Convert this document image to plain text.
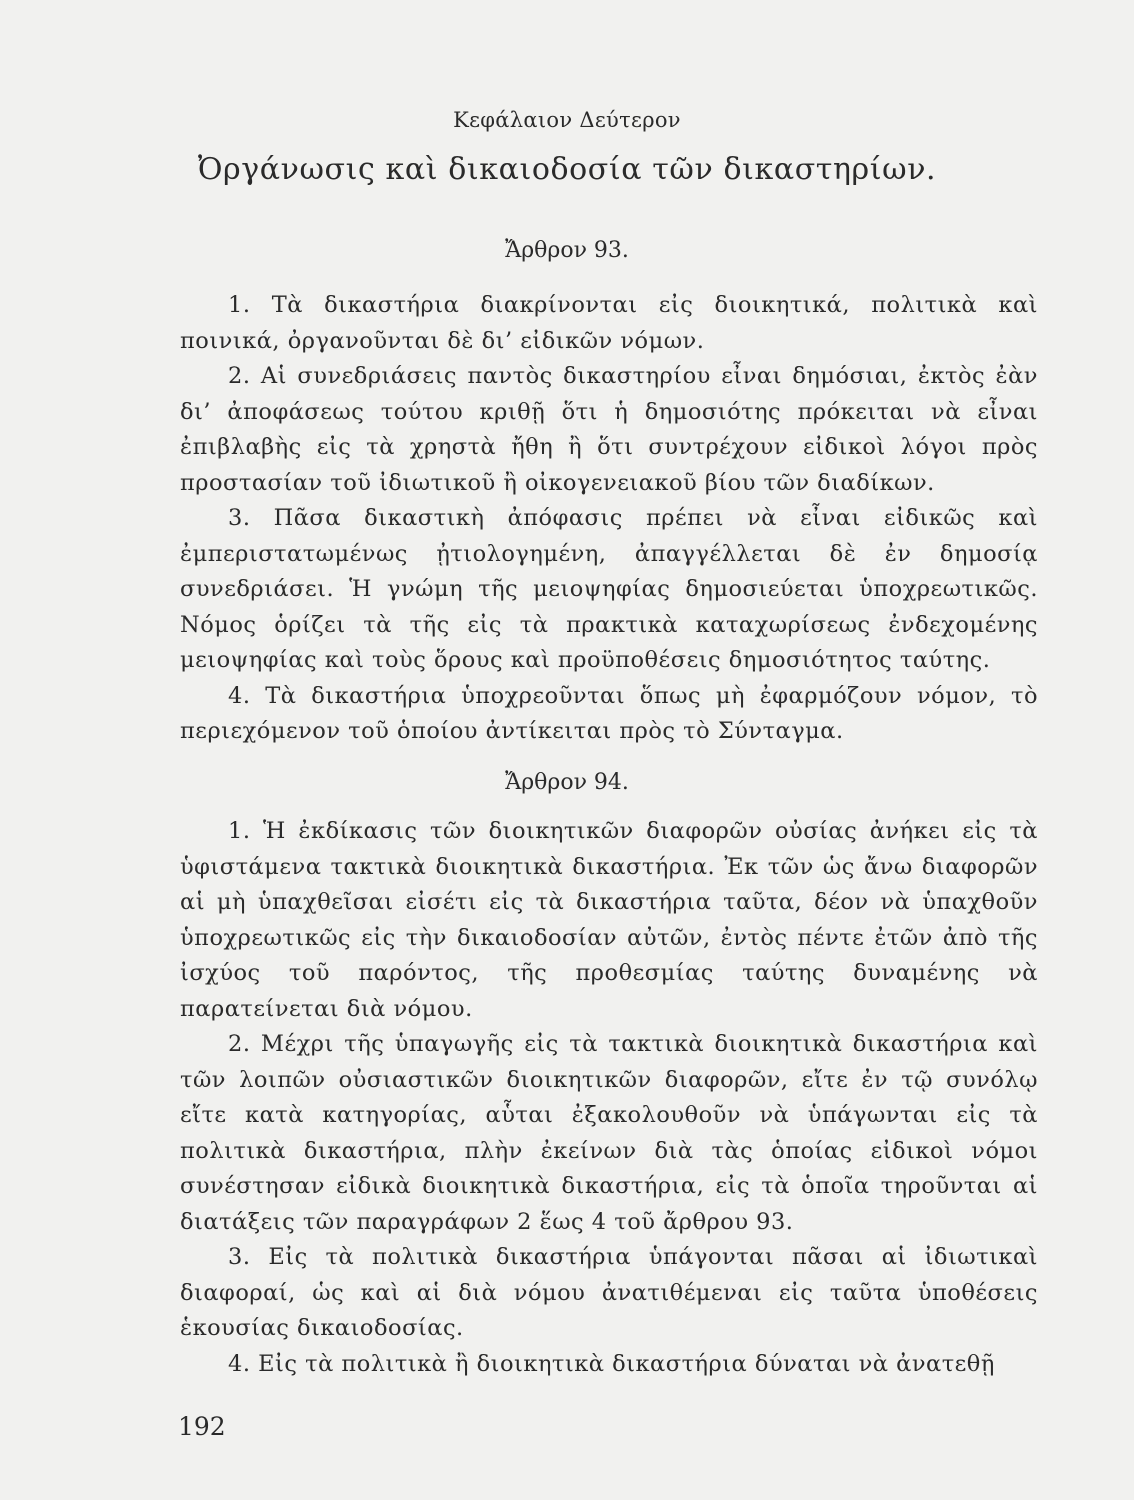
Κεφάλαιον Δεύτερον
Ὀργάνωσις καὶ δικαιοδοσία τῶν δικαστηρίων.
Ἄρθρον 93.

1. Τὰ δικαστήρια διακρίνονται εἰς διοικητικά, πολιτικὰ καὶ ποινικά, ὀργανοῦνται δὲ δι’ εἰδικῶν νόμων.

2. Αἱ συνεδριάσεις παντὸς δικαστηρίου εἶναι δημόσιαι, ἐκτὸς ἐὰν δι’ ἀποφάσεως τούτου κριθῇ ὅτι ἡ δημοσιότης πρόκειται νὰ εἶναι ἐπιβλαβὴς εἰς τὰ χρηστὰ ἤθη ἢ ὅτι συντρέχουν εἰδικοὶ λόγοι πρὸς προστασίαν τοῦ ἰδιωτικοῦ ἢ οἰκογενειακοῦ βίου τῶν διαδίκων.

3. Πᾶσα δικαστικὴ ἀπόφασις πρέπει νὰ εἶναι εἰδικῶς καὶ ἐμπεριστατωμένως ᾐτιολογημένη, ἀπαγγέλλεται δὲ ἐν δημοσίᾳ συνεδριάσει. Ἡ γνώμη τῆς μειοψηφίας δημοσιεύεται ὑποχρεωτικῶς. Νόμος ὁρίζει τὰ τῆς εἰς τὰ πρακτικὰ καταχωρίσεως ἐνδεχομένης μειοψηφίας καὶ τοὺς ὅρους καὶ προϋποθέσεις δημοσιότητος ταύτης.

4. Τὰ δικαστήρια ὑποχρεοῦνται ὅπως μὴ ἐφαρμόζουν νόμον, τὸ περιεχόμενον τοῦ ὁποίου ἀντίκειται πρὸς τὸ Σύνταγμα.

Ἄρθρον 94.

1. Ἡ ἐκδίκασις τῶν διοικητικῶν διαφορῶν οὐσίας ἀνήκει εἰς τὰ ὑφιστάμενα τακτικὰ διοικητικὰ δικαστήρια. Ἐκ τῶν ὡς ἄνω διαφορῶν αἱ μὴ ὑπαχθεῖσαι εἰσέτι εἰς τὰ δικαστήρια ταῦτα, δέον νὰ ὑπαχθοῦν ὑποχρεωτικῶς εἰς τὴν δικαιοδοσίαν αὐτῶν, ἐντὸς πέντε ἐτῶν ἀπὸ τῆς ἰσχύος τοῦ παρόντος, τῆς προθεσμίας ταύτης δυναμένης νὰ παρατείνεται διὰ νόμου.

2. Μέχρι τῆς ὑπαγωγῆς εἰς τὰ τακτικὰ διοικητικὰ δικαστήρια καὶ τῶν λοιπῶν οὐσιαστικῶν διοικητικῶν διαφορῶν, εἴτε ἐν τῷ συνόλῳ εἴτε κατὰ κατηγορίας, αὗται ἐξακολουθοῦν νὰ ὑπάγωνται εἰς τὰ πολιτικὰ δικαστήρια, πλὴν ἐκείνων διὰ τὰς ὁποίας εἰδικοὶ νόμοι συνέστησαν εἰδικὰ διοικητικὰ δικαστήρια, εἰς τὰ ὁποῖα τηροῦνται αἱ διατάξεις τῶν παραγράφων 2 ἕως 4 τοῦ ἄρθρου 93.

3. Εἰς τὰ πολιτικὰ δικαστήρια ὑπάγονται πᾶσαι αἱ ἰδιωτικαὶ διαφοραί, ὡς καὶ αἱ διὰ νόμου ἀνατιθέμεναι εἰς ταῦτα ὑποθέσεις ἑκουσίας δικαιοδοσίας.

4. Εἰς τὰ πολιτικὰ ἢ διοικητικὰ δικαστήρια δύναται νὰ ἀνατεθῇ

192
